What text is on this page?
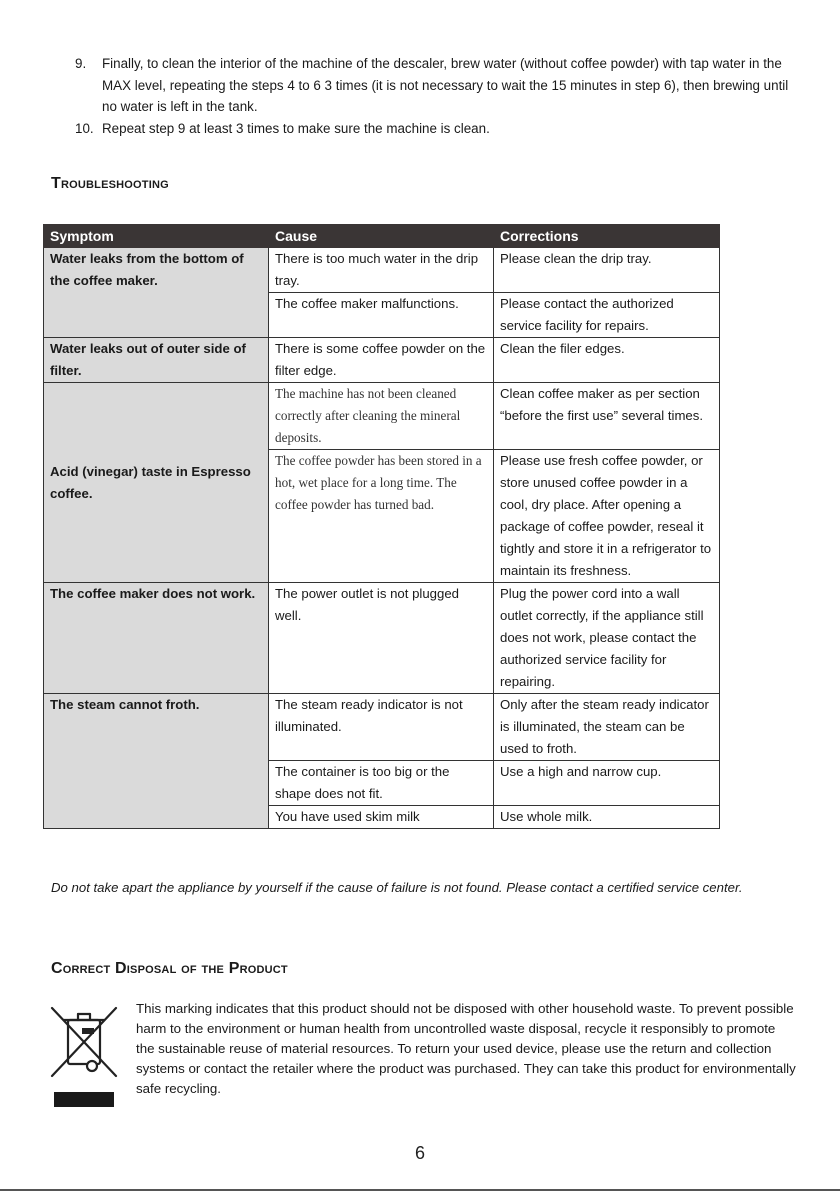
9. Finally, to clean the interior of the machine of the descaler, brew water (without coffee powder) with tap water in the MAX level, repeating the steps 4 to 6 3 times (it is not necessary to wait the 15 minutes in step 6), then brewing until no water is left in the tank.
10. Repeat step 9 at least 3 times to make sure the machine is clean.
Troubleshooting
Symptom	Cause	Corrections
Water leaks from the bottom of the coffee maker.	There is too much water in the drip tray.	Please clean the drip tray.
	The coffee maker malfunctions.	Please contact the authorized service facility for repairs.
Water leaks out of outer side of filter.	There is some coffee powder on the filter edge.	Clean the filer edges.
Acid (vinegar) taste in Espresso coffee.	The machine has not been cleaned correctly after cleaning the mineral deposits.	Clean coffee maker as per section “before the first use” several times.
	The coffee powder has been stored in a hot, wet place for a long time. The coffee powder has turned bad.	Please use fresh coffee powder, or store unused coffee powder in a cool, dry place. After opening a package of coffee powder, reseal it tightly and store it in a refrigerator to maintain its freshness.
The coffee maker does not work.	The power outlet is not plugged well.	Plug the power cord into a wall outlet correctly, if the appliance still does not work, please contact the authorized service facility for repairing.
The steam cannot froth.	The steam ready indicator is not illuminated.	Only after the steam ready indicator is illuminated, the steam can be used to froth.
	The container is too big or the shape does not fit.	Use a high and narrow cup.
	You have used skim milk	Use whole milk.

Do not take apart the appliance by yourself if the cause of failure is not found. Please contact a certified service center.

Correct Disposal of the Product

This marking indicates that this product should not be disposed with other household waste. To prevent possible harm to the environment or human health from uncontrolled waste disposal, recycle it responsibly to promote the sustainable reuse of material resources. To return your used device, please use the return and collection systems or contact the retailer where the product was purchased. They can take this product for environmentally safe recycling.

6
